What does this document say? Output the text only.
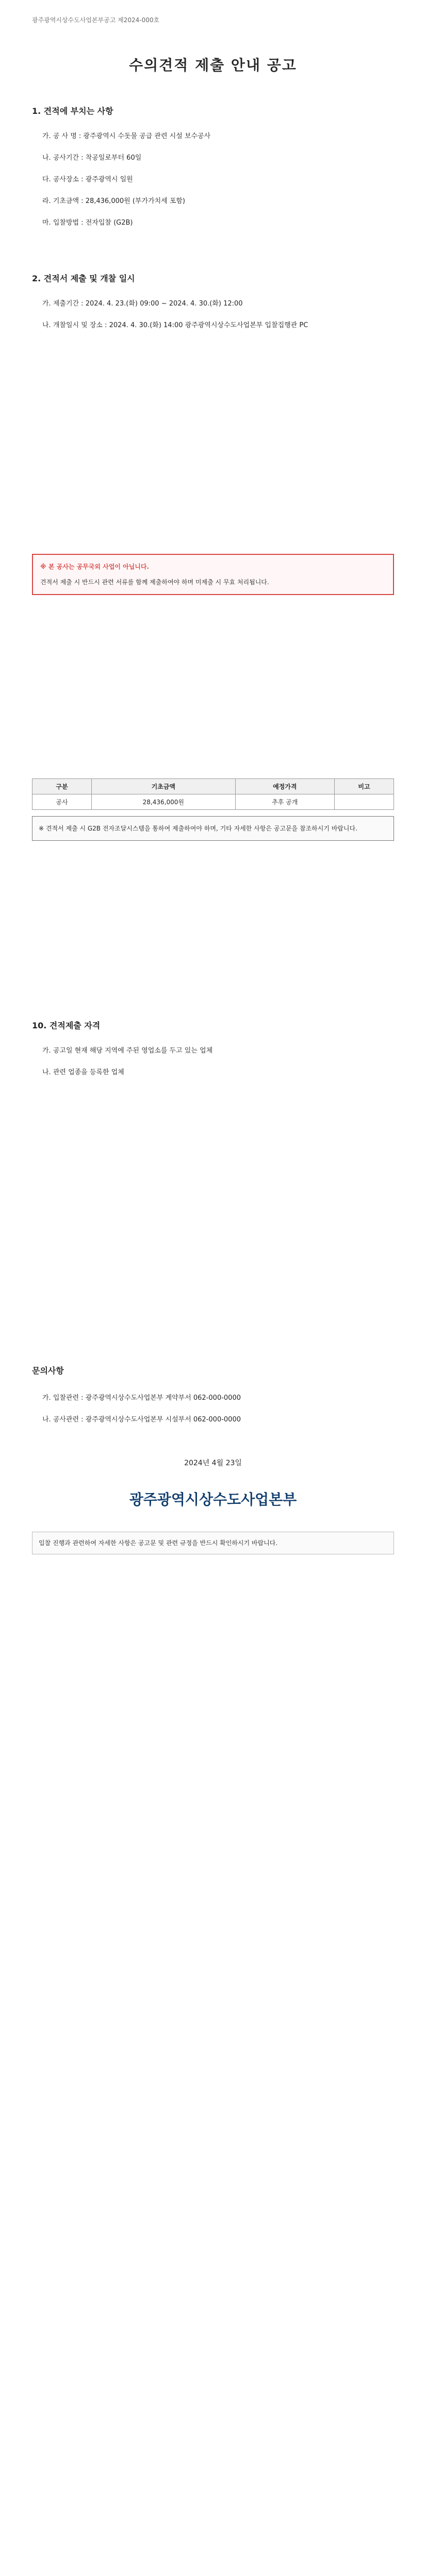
광주광역시상수도사업본부공고 제2024-000호
수의견적 제출 안내 공고
1. 견적에 부치는 사항
가. 공 사 명 : 광주광역시 수돗물 공급 관련 시설 보수공사
나. 공사기간 : 착공일로부터 60일
다. 공사장소 : 광주광역시 일원
라. 기초금액 : 28,436,000원 (부가가치세 포함)
마. 입찰방법 : 전자입찰 (G2B)
2. 견적서 제출 및 개찰 일시
가. 제출기간 : 2024. 4. 23.(화) 09:00 ~ 2024. 4. 30.(화) 12:00
나. 개찰일시 및 장소 : 2024. 4. 30.(화) 14:00 광주광역시상수도사업본부 입찰집행관 PC
※ 본 공사는 공무국외 사업이 아닙니다.
견적서 제출 시 반드시 관련 서류를 함께 제출하여야 하며 미제출 시 무효 처리됩니다.
구분	기초금액	예정가격	비고
공사	28,436,000원	추후 공개	
※ 견적서 제출 시 G2B 전자조달시스템을 통하여 제출하여야 하며, 기타 자세한 사항은 공고문을 참조하시기 바랍니다.
10. 견적제출 자격
가. 공고일 현재 해당 지역에 주된 영업소를 두고 있는 업체
나. 관련 업종을 등록한 업체
문의사항
가. 입찰관련 : 광주광역시상수도사업본부 계약부서 062-000-0000
나. 공사관련 : 광주광역시상수도사업본부 시설부서 062-000-0000
2024년 4월 23일
광주광역시상수도사업본부
입찰 진행과 관련하여 자세한 사항은 공고문 및 관련 규정을 반드시 확인하시기 바랍니다.
